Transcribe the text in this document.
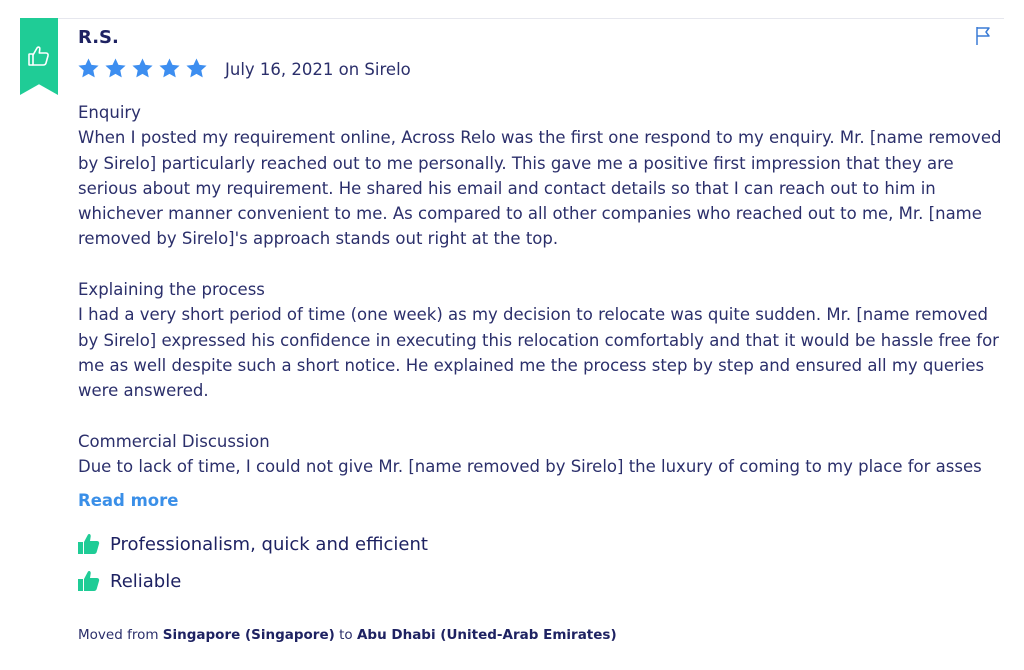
R.S.
July 16, 2021 on Sirelo

Enquiry
When I posted my requirement online, Across Relo was the first one respond to my enquiry. Mr. [name removed by Sirelo] particularly reached out to me personally. This gave me a positive first impression that they are serious about my requirement. He shared his email and contact details so that I can reach out to him in whichever manner convenient to me. As compared to all other companies who reached out to me, Mr. [name removed by Sirelo]'s approach stands out right at the top.

Explaining the process
I had a very short period of time (one week) as my decision to relocate was quite sudden. Mr. [name removed by Sirelo] expressed his confidence in executing this relocation comfortably and that it would be hassle free for me as well despite such a short notice. He explained me the process step by step and ensured all my queries were answered.

Commercial Discussion
Due to lack of time, I could not give Mr. [name removed by Sirelo] the luxury of coming to my place for asses

Read more
Professionalism, quick and efficient
Reliable
Moved from Singapore (Singapore) to Abu Dhabi (United-Arab Emirates)
